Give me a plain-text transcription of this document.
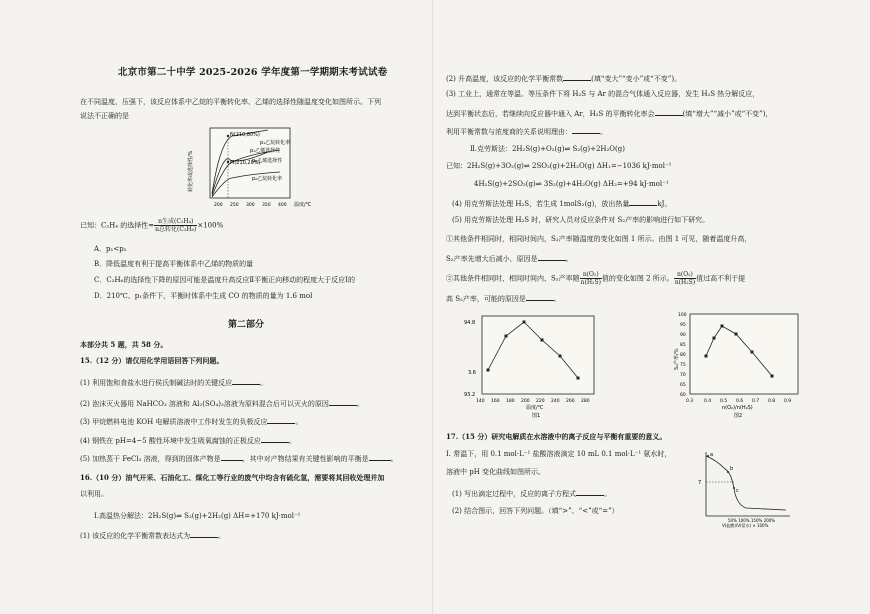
北京市第二十中学 2025-2026 学年度第一学期期末考试试卷
在不同温度、压强下，该反应体系中乙烷的平衡转化率、乙烯的选择性随温度变化如图所示。下列
说法不正确的是
转化率或选择性/%
N(210,80%)
M(210,20%)
p₁乙烷转化率
p₁乙烯选择性
p₂乙烯选择性
p₂乙烷转化率
200 250 300 350 400 温度/℃
已知：C₂H₄ 的选择性= $\frac{\text{n生成(C₂H₄)}}{\text{n总转化(C₂H₆)}} \times 100\%$
A．p₁<p₂
B．降低温度有利于提高平衡体系中乙烯的物质的量
C．C₂H₆的选择性下降的原因可能是温度升高反应Ⅱ平衡正向移动的程度大于反应Ⅰ的
D．210℃、p₁条件下，平衡时体系中生成 CO 的物质的量为 1.6 mol
第二部分
本部分共 5 题，共 58 分。
15.（12 分）请仅用化学用语回答下列问题。
(1) 利用饱和食盐水进行侯氏制碱法时的关键反应	。
(2) 泡沫灭火器用 NaHCO₃ 溶液和 Al₂(SO₄)₃溶液为原料混合后可以灭火的原因	。
(3) 甲烷燃料电池 KOH 电解质溶液中工作时发生的负极反应	。
(4) 钢铁在 pH=4~5 酸性环境中发生吸氧腐蚀的正极反应	。
(5) 加热蒸干 FeCl₃ 溶液，得到的固体产物是	，其中对产物结果有关键性影响的平衡是	。
16.（10 分）油气开采、石油化工、煤化工等行业的废气中均含有硫化氢，需要将其回收处理并加
以利用。
Ⅰ.高温热分解法：2H₂S(g)⇌ S₂(g)+2H₂(g) ΔH=+170 kJ·mol⁻¹
(1) 该反应的化学平衡常数表达式为	。
(2) 升高温度，该反应的化学平衡常数	(填“变大”“变小”或“不变”)。
(3) 工业上，通常在等温、等压条件下将 H₂S 与 Ar 的混合气体通入反应器，发生 H₂S 热分解反应，
达到平衡状态后，若继续向反应器中通入 Ar，H₂S 的平衡转化率会	(填“增大”“减小”或“不变”)，
利用平衡常数与浓度商的关系说明理由：	。
Ⅱ.克劳斯法：2H₂S(g)+O₂(g)⇌ S₂(g)+2H₂O(g)
已知：2H₂S(g)+3O₂(g)⇌ 2SO₂(g)+2H₂O(g) ΔH₁=−1036 kJ·mol⁻¹
4H₂S(g)+2SO₂(g)⇌ 3S₂(g)+4H₂O(g) ΔH₂=+94 kJ·mol⁻¹
(4) 用克劳斯法处理 H₂S，若生成 1molS₂(g)，放出热量	kJ。
(5) 用克劳斯法处理 H₂S 时，研究人员对反应条件对 S₂产率的影响进行如下研究。
①其他条件相同时，相同时间内，S₂产率随温度的变化如图 1 所示。由图 1 可见，随着温度升高，
S₂产率先增大后减小，原因是	。
②其他条件相同时，相同时间内，S₂产率随 $\frac{\text{n(O₂)}}{\text{n(H₂S)}}$ 值的变化如图 2 所示。 $\frac{\text{n(O₂)}}{\text{n(H₂S)}}$ 值过高不利于提
高 S₂产率，可能的原因是	。
94.8
3.6
93.2
140 160 180 200 220 240 260 280
温度/℃
图1
S₂产率/%
100
95
90
85
80
75
70
65
60
0.3 0.4 0.5 0.6 0.7 0.8 0.9
n(O₂)/n(H₂S)
图2
17.（15 分）研究电解质在水溶液中的离子反应与平衡有重要的意义。
Ⅰ. 常温下，用 0.1 mol·L⁻¹ 盐酸溶液滴定 10 mL 0.1 mol·L⁻¹ 氨水时，
溶液中 pH 变化曲线如图所示。
(1) 写出滴定过程中，反应的离子方程式	。
(2) 结合图示，回答下列问题。（填“>”、“<”或“=”）
7
a
b
c
50% 100% 150% 200%
V(盐酸)/V(氨水) × 100%
